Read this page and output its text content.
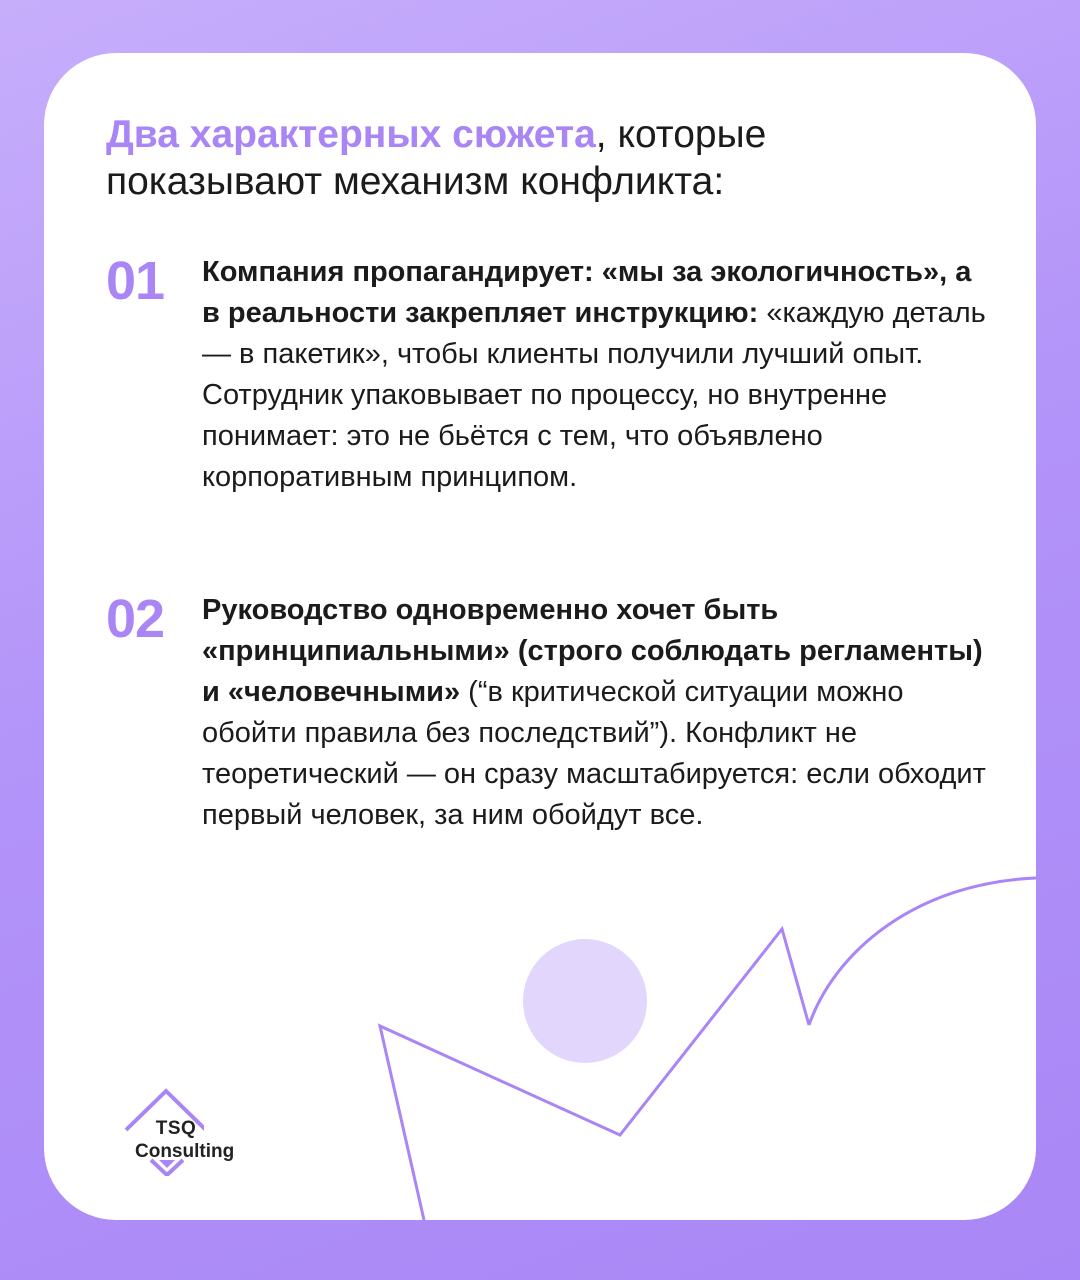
Два характерных сюжета, которые показывают механизм конфликта:
01 Компания пропагандирует: «мы за экологичность», а в реальности закрепляет инструкцию: «каждую деталь — в пакетик», чтобы клиенты получили лучший опыт. Сотрудник упаковывает по процессу, но внутренне понимает: это не бьётся с тем, что объявлено корпоративным принципом.

02 Руководство одновременно хочет быть «принципиальными» (строго соблюдать регламенты) и «человечными» (“в критической ситуации можно обойти правила без последствий”). Конфликт не теоретический — он сразу масштабируется: если обходит первый человек, за ним обойдут все.

TSQ
Consulting
